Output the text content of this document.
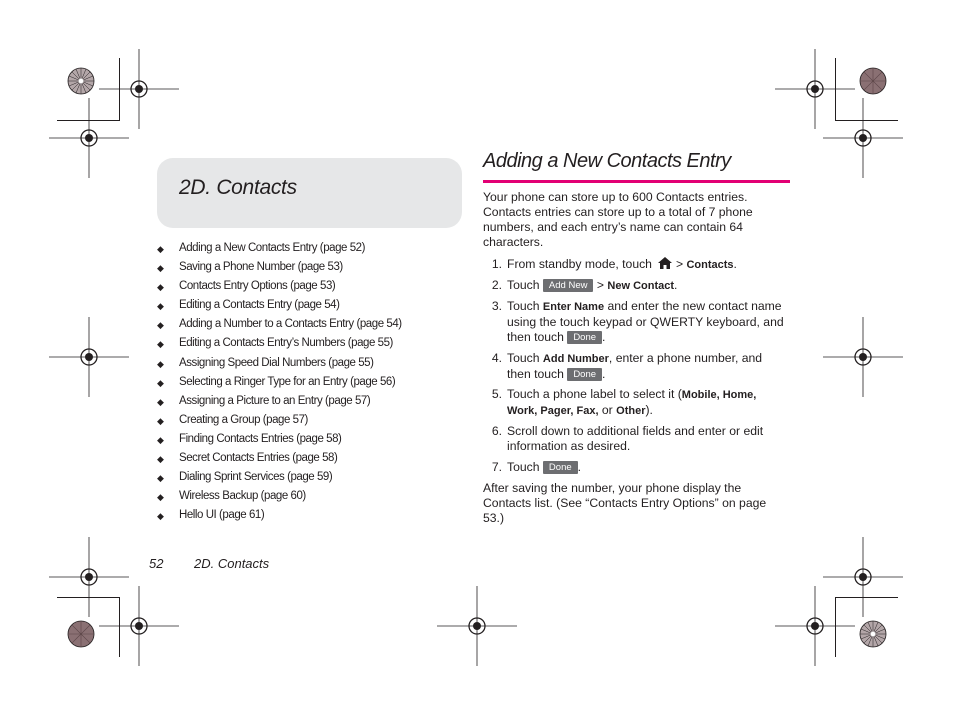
2D. Contacts
◆ Adding a New Contacts Entry (page 52)
◆ Saving a Phone Number (page 53)
◆ Contacts Entry Options (page 53)
◆ Editing a Contacts Entry (page 54)
◆ Adding a Number to a Contacts Entry (page 54)
◆ Editing a Contacts Entry’s Numbers (page 55)
◆ Assigning Speed Dial Numbers (page 55)
◆ Selecting a Ringer Type for an Entry (page 56)
◆ Assigning a Picture to an Entry (page 57)
◆ Creating a Group (page 57)
◆ Finding Contacts Entries (page 58)
◆ Secret Contacts Entries (page 58)
◆ Dialing Sprint Services (page 59)
◆ Wireless Backup (page 60)
◆ Hello UI (page 61)
52 2D. Contacts
Adding a New Contacts Entry

Your phone can store up to 600 Contacts entries. Contacts entries can store up to a total of 7 phone numbers, and each entry’s name can contain 64 characters.

1. From standby mode, touch > Contacts.
2. Touch Add New > New Contact.
3. Touch Enter Name and enter the new contact name using the touch keypad or QWERTY keyboard, and then touch Done .
4. Touch Add Number, enter a phone number, and then touch Done .
5. Touch a phone label to select it (Mobile, Home, Work, Pager, Fax, or Other).
6. Scroll down to additional fields and enter or edit information as desired.
7. Touch Done .

After saving the number, your phone display the Contacts list. (See “Contacts Entry Options” on page 53.)
